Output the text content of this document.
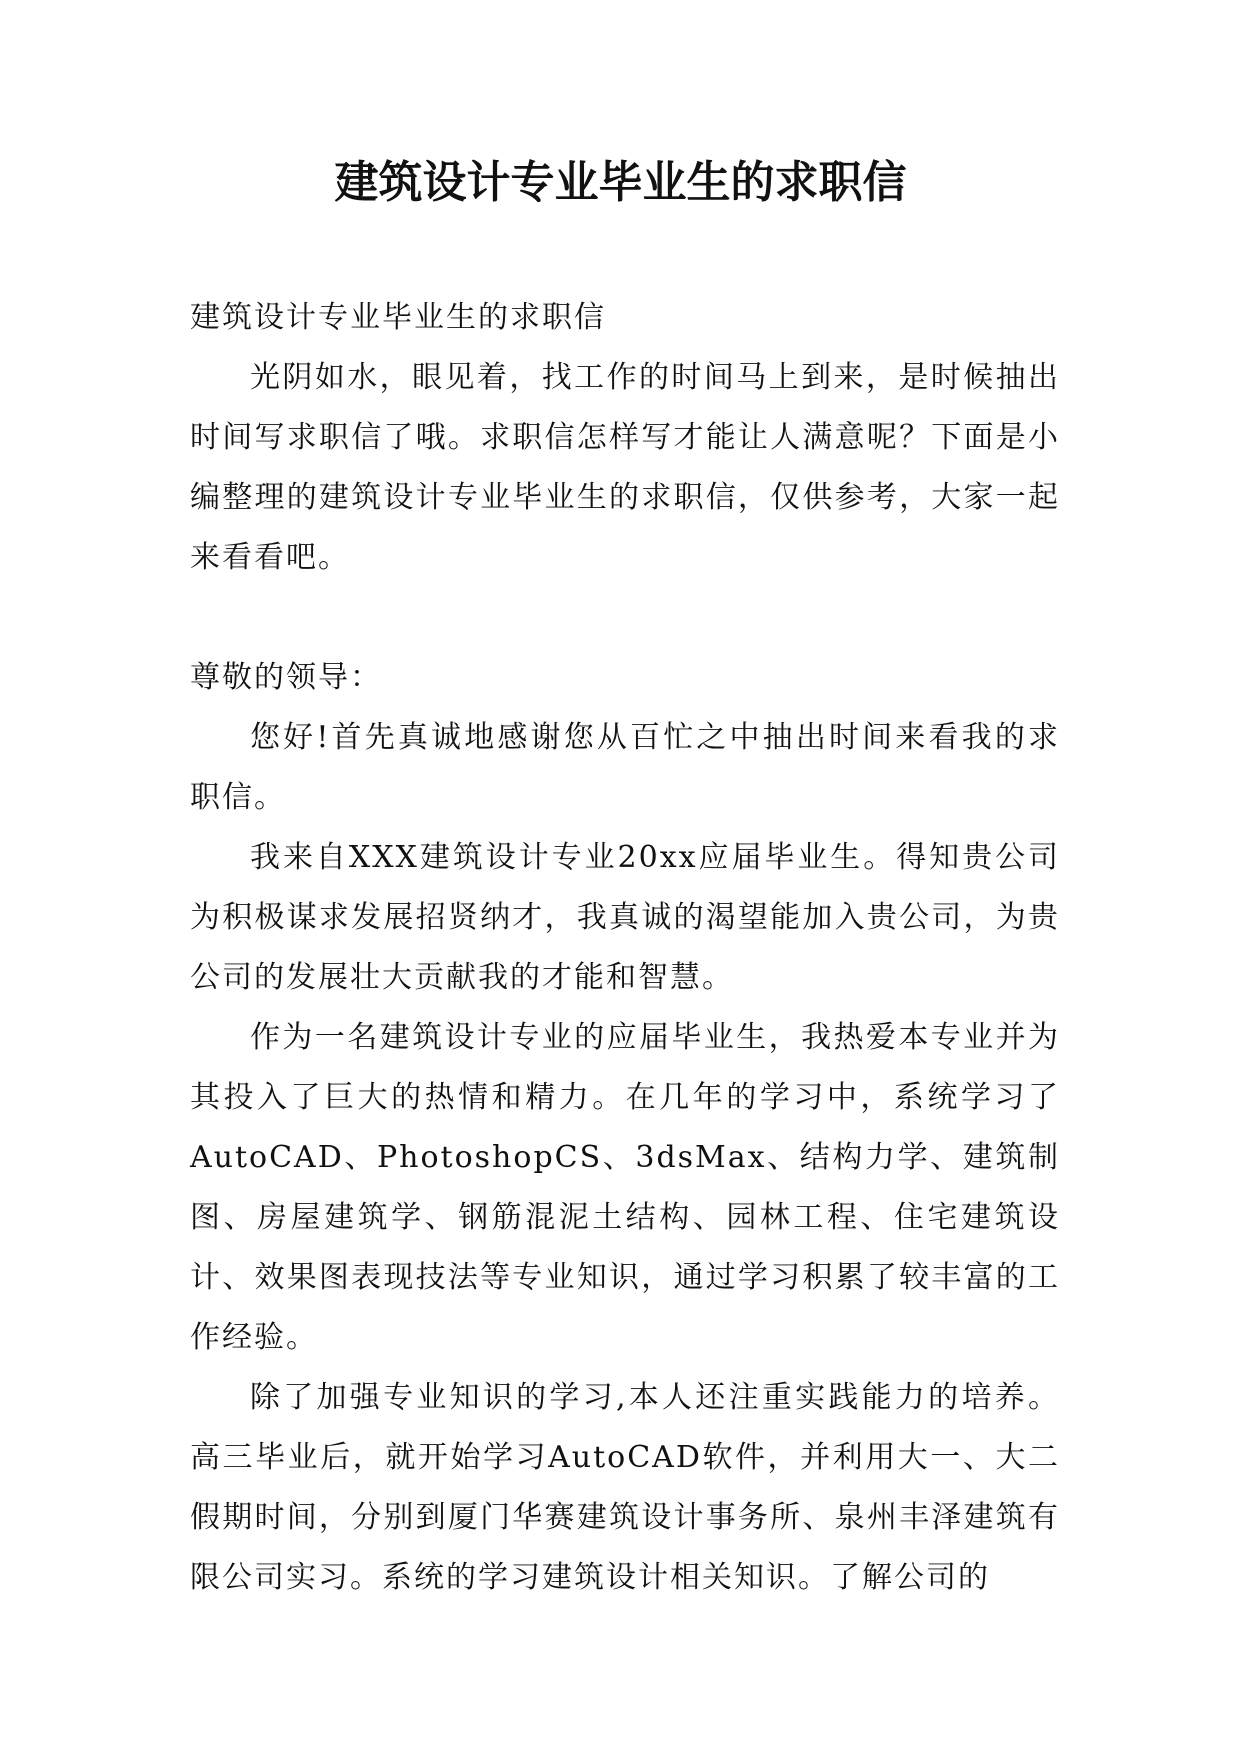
建筑设计专业毕业生的求职信

建筑设计专业毕业生的求职信

光阴如水，眼见着，找工作的时间马上到来，是时候抽出时间写求职信了哦。求职信怎样写才能让人满意呢？下面是小编整理的建筑设计专业毕业生的求职信，仅供参考，大家一起来看看吧。

尊敬的领导：

您好!首先真诚地感谢您从百忙之中抽出时间来看我的求职信。

我来自XXX建筑设计专业20xx应届毕业生。得知贵公司为积极谋求发展招贤纳才，我真诚的渴望能加入贵公司，为贵公司的发展壮大贡献我的才能和智慧。

作为一名建筑设计专业的应届毕业生，我热爱本专业并为其投入了巨大的热情和精力。在几年的学习中，系统学习了AutoCAD、PhotoshopCS、3dsMax、结构力学、建筑制图、房屋建筑学、钢筋混泥土结构、园林工程、住宅建筑设计、效果图表现技法等专业知识，通过学习积累了较丰富的工作经验。

除了加强专业知识的学习,本人还注重实践能力的培养。高三毕业后，就开始学习AutoCAD软件，并利用大一、大二假期时间，分别到厦门华赛建筑设计事务所、泉州丰泽建筑有限公司实习。系统的学习建筑设计相关知识。了解公司的
